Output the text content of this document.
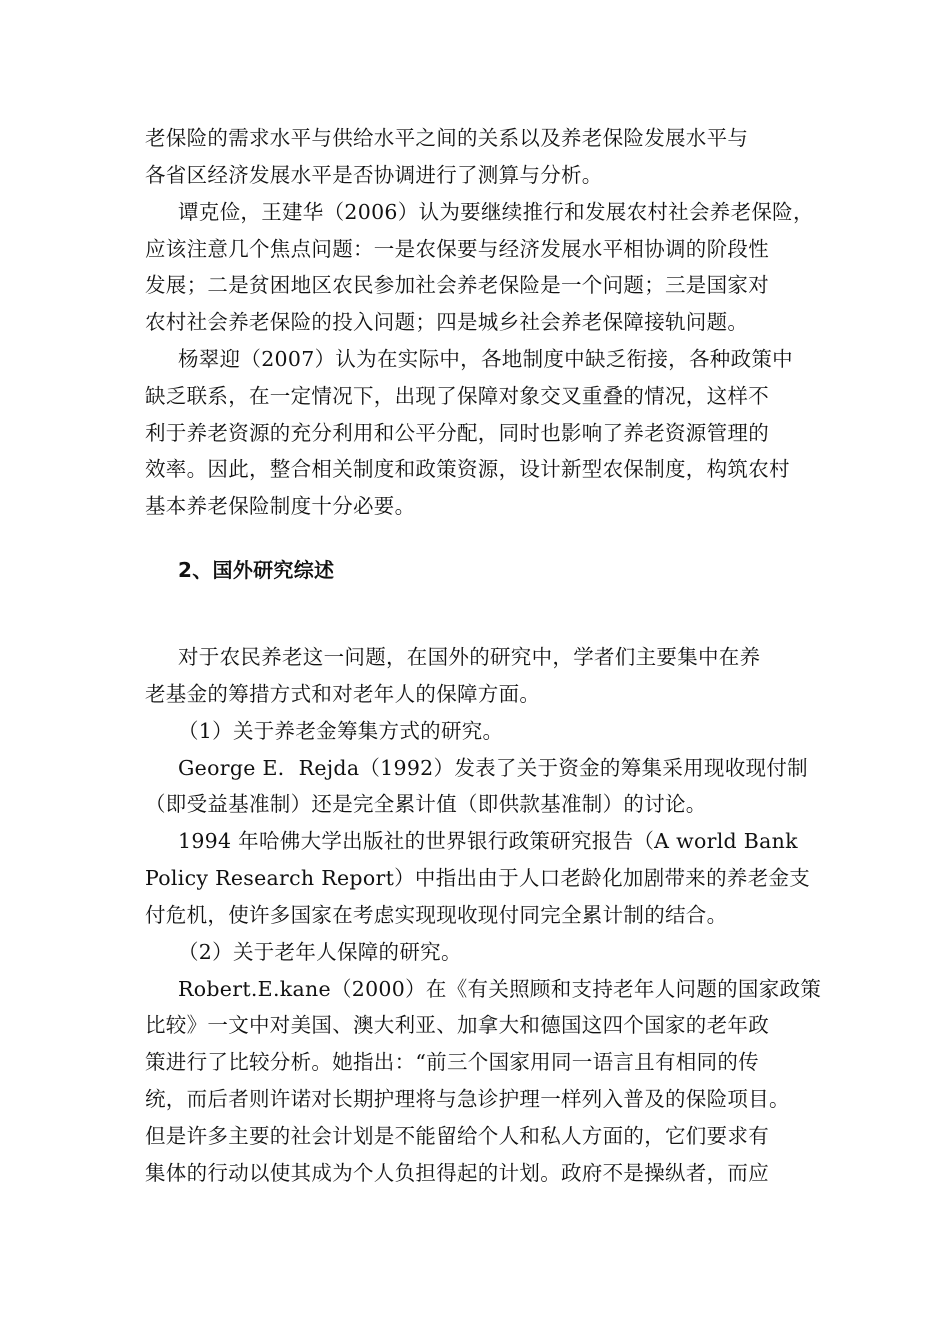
老保险的需求水平与供给水平之间的关系以及养老保险发展水平与
各省区经济发展水平是否协调进行了测算与分析。
谭克俭，王建华（2006）认为要继续推行和发展农村社会养老保险，
应该注意几个焦点问题：一是农保要与经济发展水平相协调的阶段性
发展；二是贫困地区农民参加社会养老保险是一个问题；三是国家对
农村社会养老保险的投入问题；四是城乡社会养老保障接轨问题。
杨翠迎（2007）认为在实际中，各地制度中缺乏衔接，各种政策中
缺乏联系，在一定情况下，出现了保障对象交叉重叠的情况，这样不
利于养老资源的充分利用和公平分配，同时也影响了养老资源管理的
效率。因此，整合相关制度和政策资源，设计新型农保制度，构筑农村
基本养老保险制度十分必要。
2、国外研究综述
对于农民养老这一问题，在国外的研究中，学者们主要集中在养
老基金的筹措方式和对老年人的保障方面。
（1）关于养老金筹集方式的研究。
George E．Rejda（1992）发表了关于资金的筹集采用现收现付制
（即受益基准制）还是完全累计值（即供款基准制）的讨论。
1994 年哈佛大学出版社的世界银行政策研究报告（A world Bank
Policy Research Report）中指出由于人口老龄化加剧带来的养老金支
付危机，使许多国家在考虑实现现收现付同完全累计制的结合。
（2）关于老年人保障的研究。
Robert.E.kane（2000）在《有关照顾和支持老年人问题的国家政策
比较》一文中对美国、澳大利亚、加拿大和德国这四个国家的老年政
策进行了比较分析。她指出：“前三个国家用同一语言且有相同的传
统，而后者则许诺对长期护理将与急诊护理一样列入普及的保险项目。
但是许多主要的社会计划是不能留给个人和私人方面的，它们要求有
集体的行动以使其成为个人负担得起的计划。政府不是操纵者，而应
